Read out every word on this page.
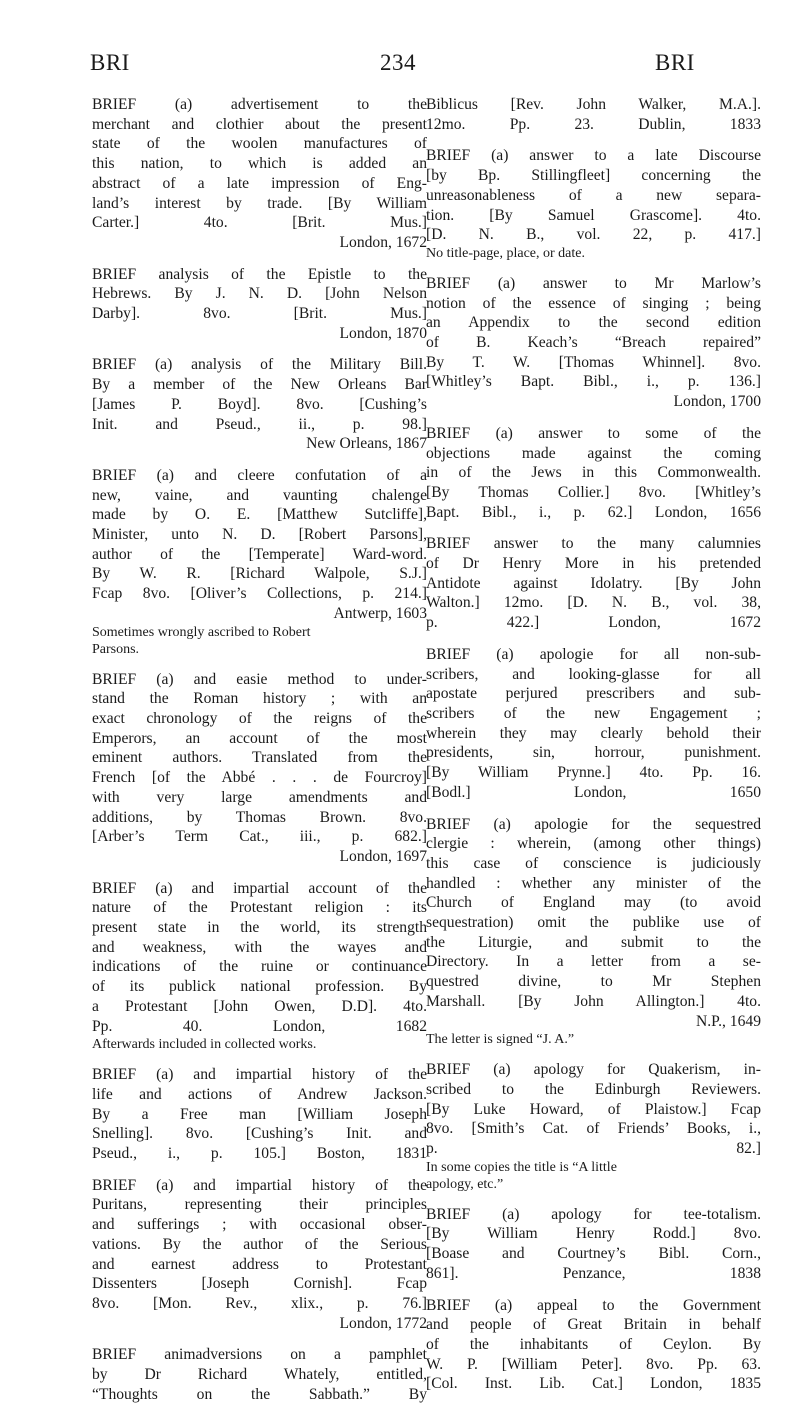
BRI	234	BRI
BRIEF (a) advertisement to the
merchant and clothier about the present
state of the woolen manufactures of
this nation, to which is added an
abstract of a late impression of Eng-
land’s interest by trade. [By William
Carter.] 4to. [Brit. Mus.]
London, 1672
BRIEF analysis of the Epistle to the
Hebrews. By J. N. D. [John Nelson
Darby]. 8vo. [Brit. Mus.]
London, 1870
BRIEF (a) analysis of the Military Bill.
By a member of the New Orleans Bar
[James P. Boyd]. 8vo. [Cushing’s
Init. and Pseud., ii., p. 98.]
New Orleans, 1867
BRIEF (a) and cleere confutation of a
new, vaine, and vaunting chalenge
made by O. E. [Matthew Sutcliffe],
Minister, unto N. D. [Robert Parsons],
author of the [Temperate] Ward-word.
By W. R. [Richard Walpole, S.J.]
Fcap 8vo. [Oliver’s Collections, p. 214.]
Antwerp, 1603
Sometimes wrongly ascribed to Robert
Parsons.
BRIEF (a) and easie method to under-
stand the Roman history ; with an
exact chronology of the reigns of the
Emperors, an account of the most
eminent authors. Translated from the
French [of the Abbé . . . de Fourcroy]
with very large amendments and
additions, by Thomas Brown. 8vo.
[Arber’s Term Cat., iii., p. 682.]
London, 1697
BRIEF (a) and impartial account of the
nature of the Protestant religion : its
present state in the world, its strength
and weakness, with the wayes and
indications of the ruine or continuance
of its publick national profession. By
a Protestant [John Owen, D.D]. 4to.
Pp. 40. London, 1682
Afterwards included in collected works.
BRIEF (a) and impartial history of the
life and actions of Andrew Jackson.
By a Free man [William Joseph
Snelling]. 8vo. [Cushing’s Init. and
Pseud., i., p. 105.] Boston, 1831
BRIEF (a) and impartial history of the
Puritans, representing their principles
and sufferings ; with occasional obser-
vations. By the author of the Serious
and earnest address to Protestant
Dissenters [Joseph Cornish]. Fcap
8vo. [Mon. Rev., xlix., p. 76.]
London, 1772
BRIEF animadversions on a pamphlet
by Dr Richard Whately, entitled,
“Thoughts on the Sabbath.” By
Biblicus [Rev. John Walker, M.A.].
12mo. Pp. 23. Dublin, 1833
BRIEF (a) answer to a late Discourse
[by Bp. Stillingfleet] concerning the
unreasonableness of a new separa-
tion. [By Samuel Grascome]. 4to.
[D. N. B., vol. 22, p. 417.]
No title-page, place, or date.
BRIEF (a) answer to Mr Marlow’s
notion of the essence of singing ; being
an Appendix to the second edition
of B. Keach’s “Breach repaired”
By T. W. [Thomas Whinnel]. 8vo.
[Whitley’s Bapt. Bibl., i., p. 136.]
London, 1700
BRIEF (a) answer to some of the
objections made against the coming
in of the Jews in this Commonwealth.
[By Thomas Collier.] 8vo. [Whitley’s
Bapt. Bibl., i., p. 62.] London, 1656
BRIEF answer to the many calumnies
of Dr Henry More in his pretended
Antidote against Idolatry. [By John
Walton.] 12mo. [D. N. B., vol. 38,
p. 422.] London, 1672
BRIEF (a) apologie for all non-sub-
scribers, and looking-glasse for all
apostate perjured prescribers and sub-
scribers of the new Engagement ;
wherein they may clearly behold their
presidents, sin, horrour, punishment.
[By William Prynne.] 4to. Pp. 16.
[Bodl.] London, 1650
BRIEF (a) apologie for the sequestred
clergie : wherein, (among other things)
this case of conscience is judiciously
handled : whether any minister of the
Church of England may (to avoid
sequestration) omit the publike use of
the Liturgie, and submit to the
Directory. In a letter from a se-
questred divine, to Mr Stephen
Marshall. [By John Allington.] 4to.
N.P., 1649
The letter is signed “J. A.”
BRIEF (a) apology for Quakerism, in-
scribed to the Edinburgh Reviewers.
[By Luke Howard, of Plaistow.] Fcap
8vo. [Smith’s Cat. of Friends’ Books, i.,
p. 82.]
In some copies the title is “A little
apology, etc.”
BRIEF (a) apology for tee-totalism.
[By William Henry Rodd.] 8vo.
[Boase and Courtney’s Bibl. Corn.,
861]. Penzance, 1838
BRIEF (a) appeal to the Government
and people of Great Britain in behalf
of the inhabitants of Ceylon. By
W. P. [William Peter]. 8vo. Pp. 63.
[Col. Inst. Lib. Cat.] London, 1835
